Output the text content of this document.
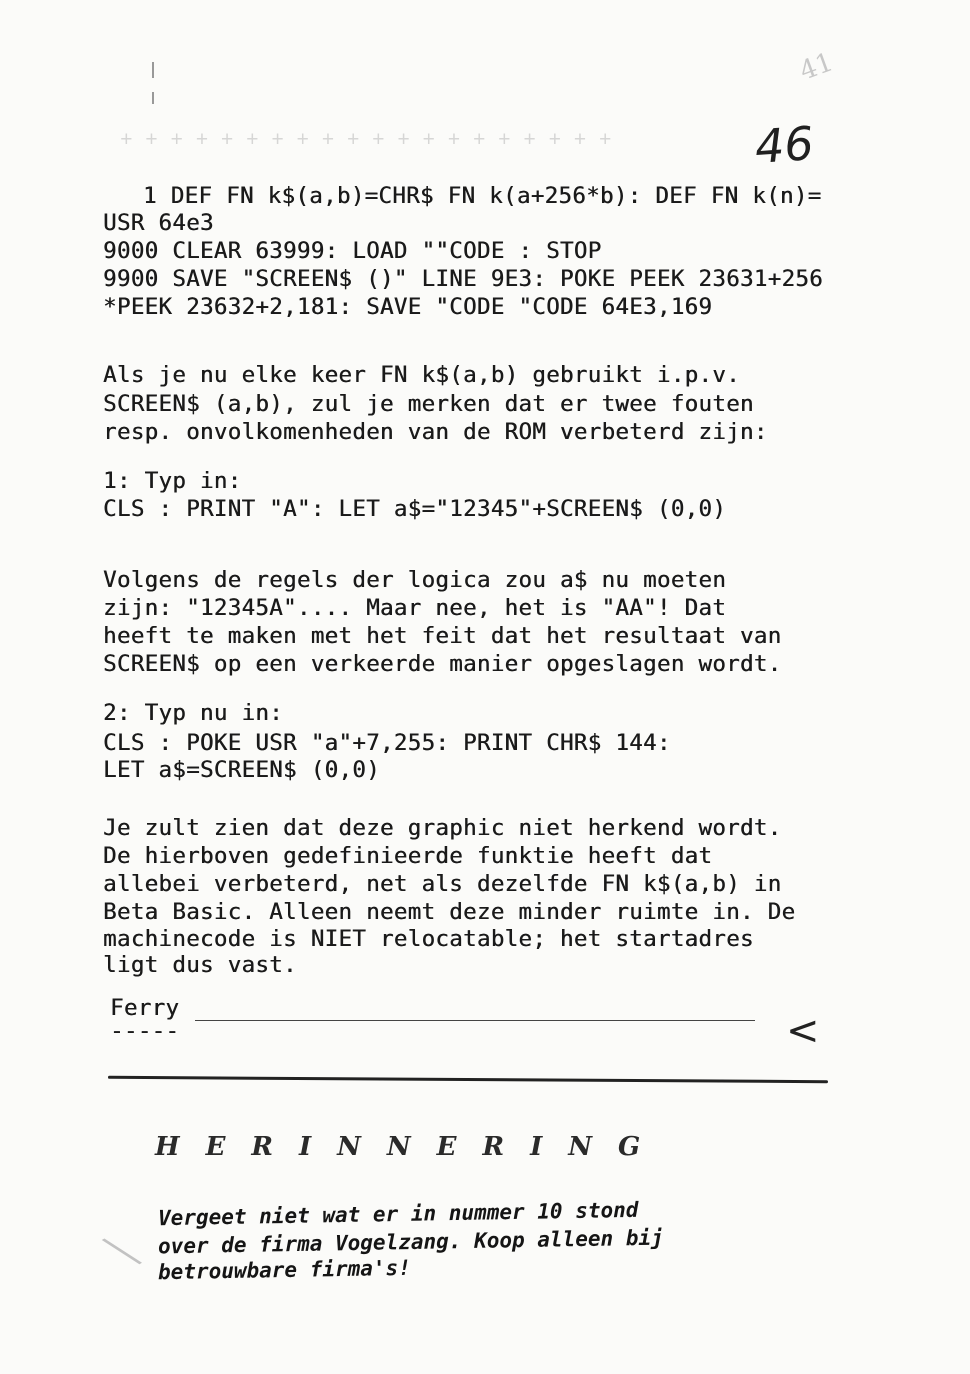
+ + + + + + + + + + + + + + + + + + + +

41
46
1 DEF FN k$(a,b)=CHR$ FN k(a+256*b): DEF FN k(n)=
USR 64e3
9000 CLEAR 63999: LOAD ""CODE : STOP
9900 SAVE "SCREEN$ ()" LINE 9E3: POKE PEEK 23631+256
*PEEK 23632+2,181: SAVE "CODE "CODE 64E3,169
Als je nu elke keer FN k$(a,b) gebruikt i.p.v.
SCREEN$ (a,b), zul je merken dat er twee fouten
resp. onvolkomenheden van de ROM verbeterd zijn:
1: Typ in:
CLS : PRINT "A": LET a$="12345"+SCREEN$ (0,0)
Volgens de regels der logica zou a$ nu moeten
zijn: "12345A".... Maar nee, het is "AA"! Dat
heeft te maken met het feit dat het resultaat van
SCREEN$ op een verkeerde manier opgeslagen wordt.
2: Typ nu in:
CLS : POKE USR "a"+7,255: PRINT CHR$ 144:
LET a$=SCREEN$ (0,0)
Je zult zien dat deze graphic niet herkend wordt.
De hierboven gedefinieerde funktie heeft dat
allebei verbeterd, net als dezelfde FN k$(a,b) in
Beta Basic. Alleen neemt deze minder ruimte in. De
machinecode is NIET relocatable; het startadres
ligt dus vast.
Ferry
-----	<
HERINNERING
Vergeet niet wat er in nummer 10 stond
over de firma Vogelzang. Koop alleen bij
betrouwbare firma's!
╲
